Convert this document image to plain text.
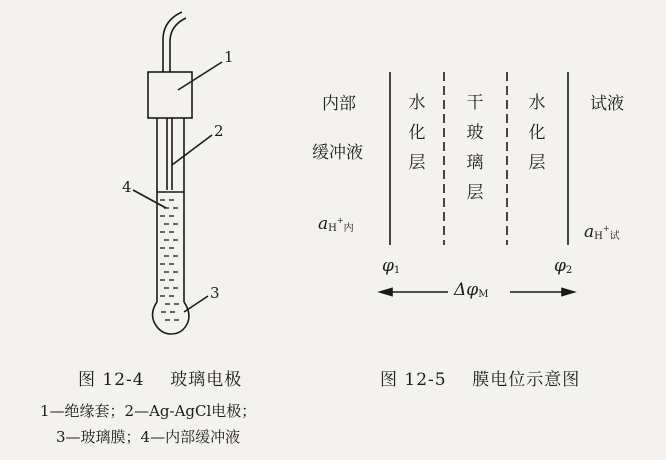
1
2
3
4
图 12-4 玻璃电极
1—绝缘套；2—Ag-AgCl电极；
3—玻璃膜；4—内部缓冲液
内部
缓冲液
试液
水化层
干玻璃层
水化层
$a_H^+_内$	$a_H^+_试$
$\varphi_1$	$\varphi_2$
$\Delta\varphi_M$
图 12-5 膜电位示意图
